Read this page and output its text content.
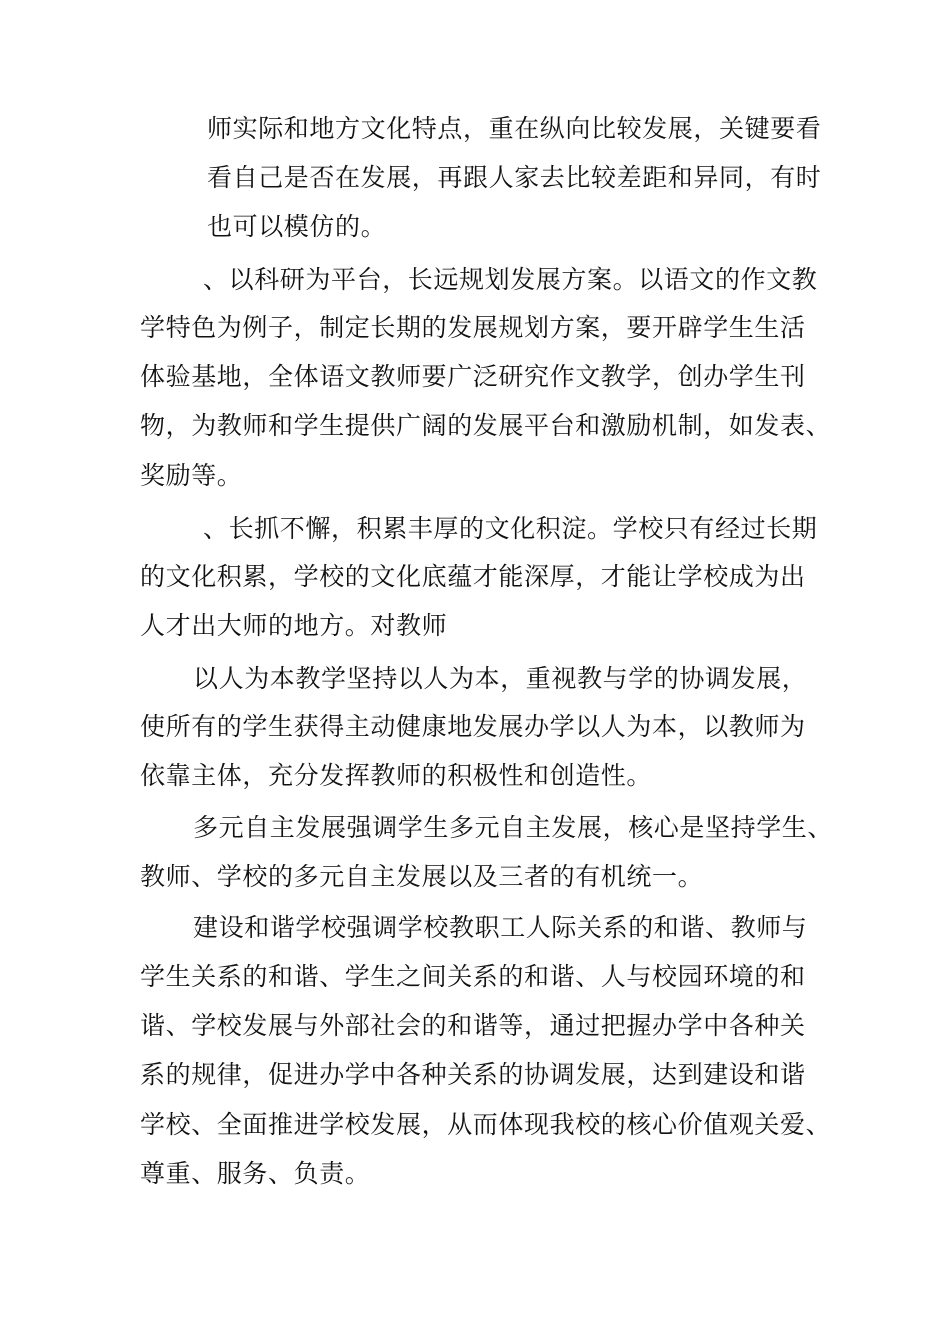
师实际和地方文化特点，重在纵向比较发展，关键要看

看自己是否在发展，再跟人家去比较差距和异同，有时

也可以模仿的。

、以科研为平台，长远规划发展方案。以语文的作文教

学特色为例子，制定长期的发展规划方案，要开辟学生生活

体验基地，全体语文教师要广泛研究作文教学，创办学生刊

物，为教师和学生提供广阔的发展平台和激励机制，如发表、

奖励等。

、长抓不懈，积累丰厚的文化积淀。学校只有经过长期

的文化积累，学校的文化底蕴才能深厚，才能让学校成为出

人才出大师的地方。对教师

以人为本教学坚持以人为本，重视教与学的协调发展，

使所有的学生获得主动健康地发展办学以人为本，以教师为

依靠主体，充分发挥教师的积极性和创造性。

多元自主发展强调学生多元自主发展，核心是坚持学生、

教师、学校的多元自主发展以及三者的有机统一。

建设和谐学校强调学校教职工人际关系的和谐、教师与

学生关系的和谐、学生之间关系的和谐、人与校园环境的和

谐、学校发展与外部社会的和谐等，通过把握办学中各种关

系的规律，促进办学中各种关系的协调发展，达到建设和谐

学校、全面推进学校发展，从而体现我校的核心价值观关爱、

尊重、服务、负责。
